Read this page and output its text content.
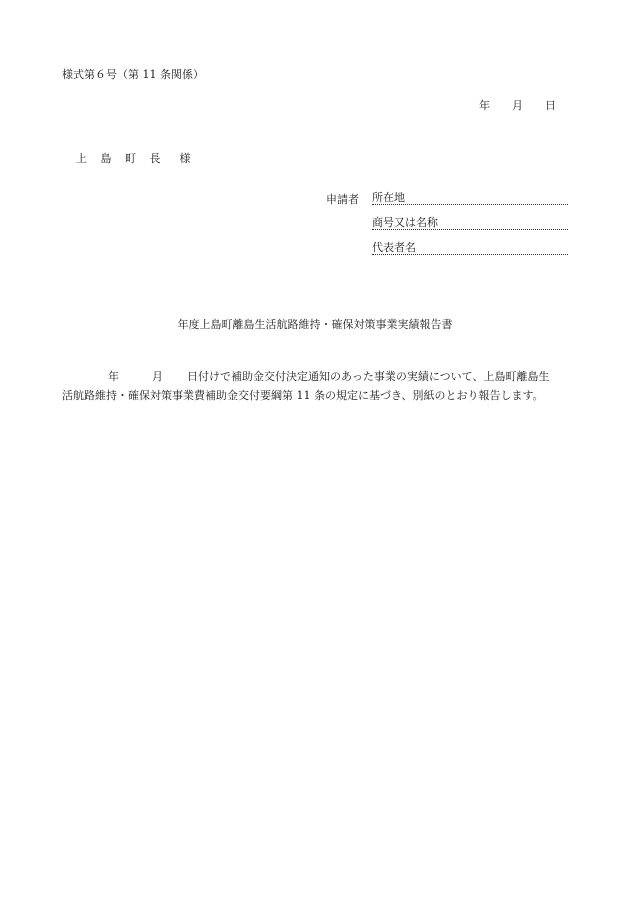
様式第６号（第 11 条関係）
年 月 日
上 島 町 長 様
申請者 所在地
商号又は名称
代表者名
年度上島町離島生活航路維持・確保対策事業実績報告書
年	月 日付けで補助金交付決定通知のあった事業の実績について、上島町離島生
活航路維持・確保対策事業費補助金交付要綱第 11 条の規定に基づき、別紙のとおり報告します。
